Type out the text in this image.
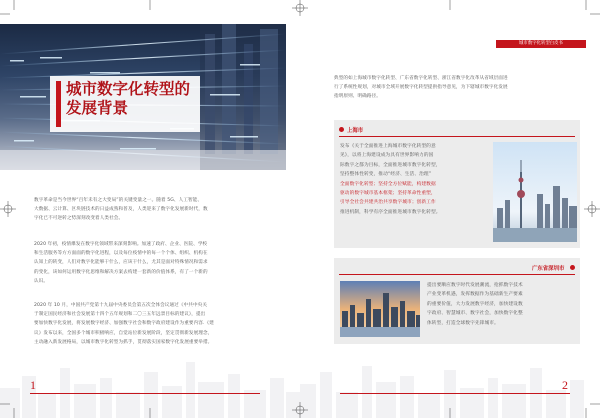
城市数字化转型的
发展背景
数字革命是当今世界“百年未有之大变局”的关键变量之一。随着 5G、人工智能、
大数据、云计算、区块链技术的日益成熟和普及，人类迎来了数字化发展新时代，数
字化已不可逆转之势深刻改变着人类社会。
2020 年初，疫情爆发在数字化领域带来深刻影响。加速了政府、企业、医院、学校
和生活服务等方方面面的数字化进程，以及每位疫情中的每一个个体、组织、机构在
认知上的转变，人们对数字化能够干什么，应该干什么，尤其是面对特殊情况和需求
的变化，该如何运用数字化思维和解决方案去构建一套新的价值体系，有了一个新的
认识。
2020 年 10 月，中国共产党第十九届中央委员会第五次全体会议通过《中共中央关
于制定国民经济和社会发展第十四个五年规划和二〇三五年远景目标的建议》，提出
要加快数字化发展，将发展数字经济、加强数字社会和数字政府建设作为重要内容.《建
议》发布以来，全国多个城市积极响应，自觉站位新发展阶段，坚定贯彻新发展理念，
主动融入新发展格局，以城市数字化转型为抓手，贯彻落实国家数字化发展重要举措。
1
城市数字化转型白皮书
典型的如上海城市数字化转型、广东省数字化转型、浙江省数字化改革从省域层面进
行了系统性规划，对城市全域开展数字化转型提供指导意见，为下辖城市数字化发展
指明原则、明确路径。
上海市
发布《关于全面推进上海城市数字化转型的意
见》，以将上海建设成为具有世界影响力的国
际数字之都为目标，全面推进城市数字化转型，
坚持整体性转变，推动“经济、生活、治理”
全面数字化转型；坚持全方位赋能，构建数据
驱动的数字城市基本框架；坚持革命性重塑，
引导全社会共建共治共享数字城市；创新工作
推进机制，科学有序全面推进城市数字化转型。
广东省深圳市
提出要顺应数字时代发展潮流，抢抓数字技术
产业变革机遇，发挥数据作为基础新生产要素
的重要价值，大力发展数字经济，加快建设数
字政府、智慧城市、数字社会，加快数字化整
体转型，打造全球数字先锋城市。
2
